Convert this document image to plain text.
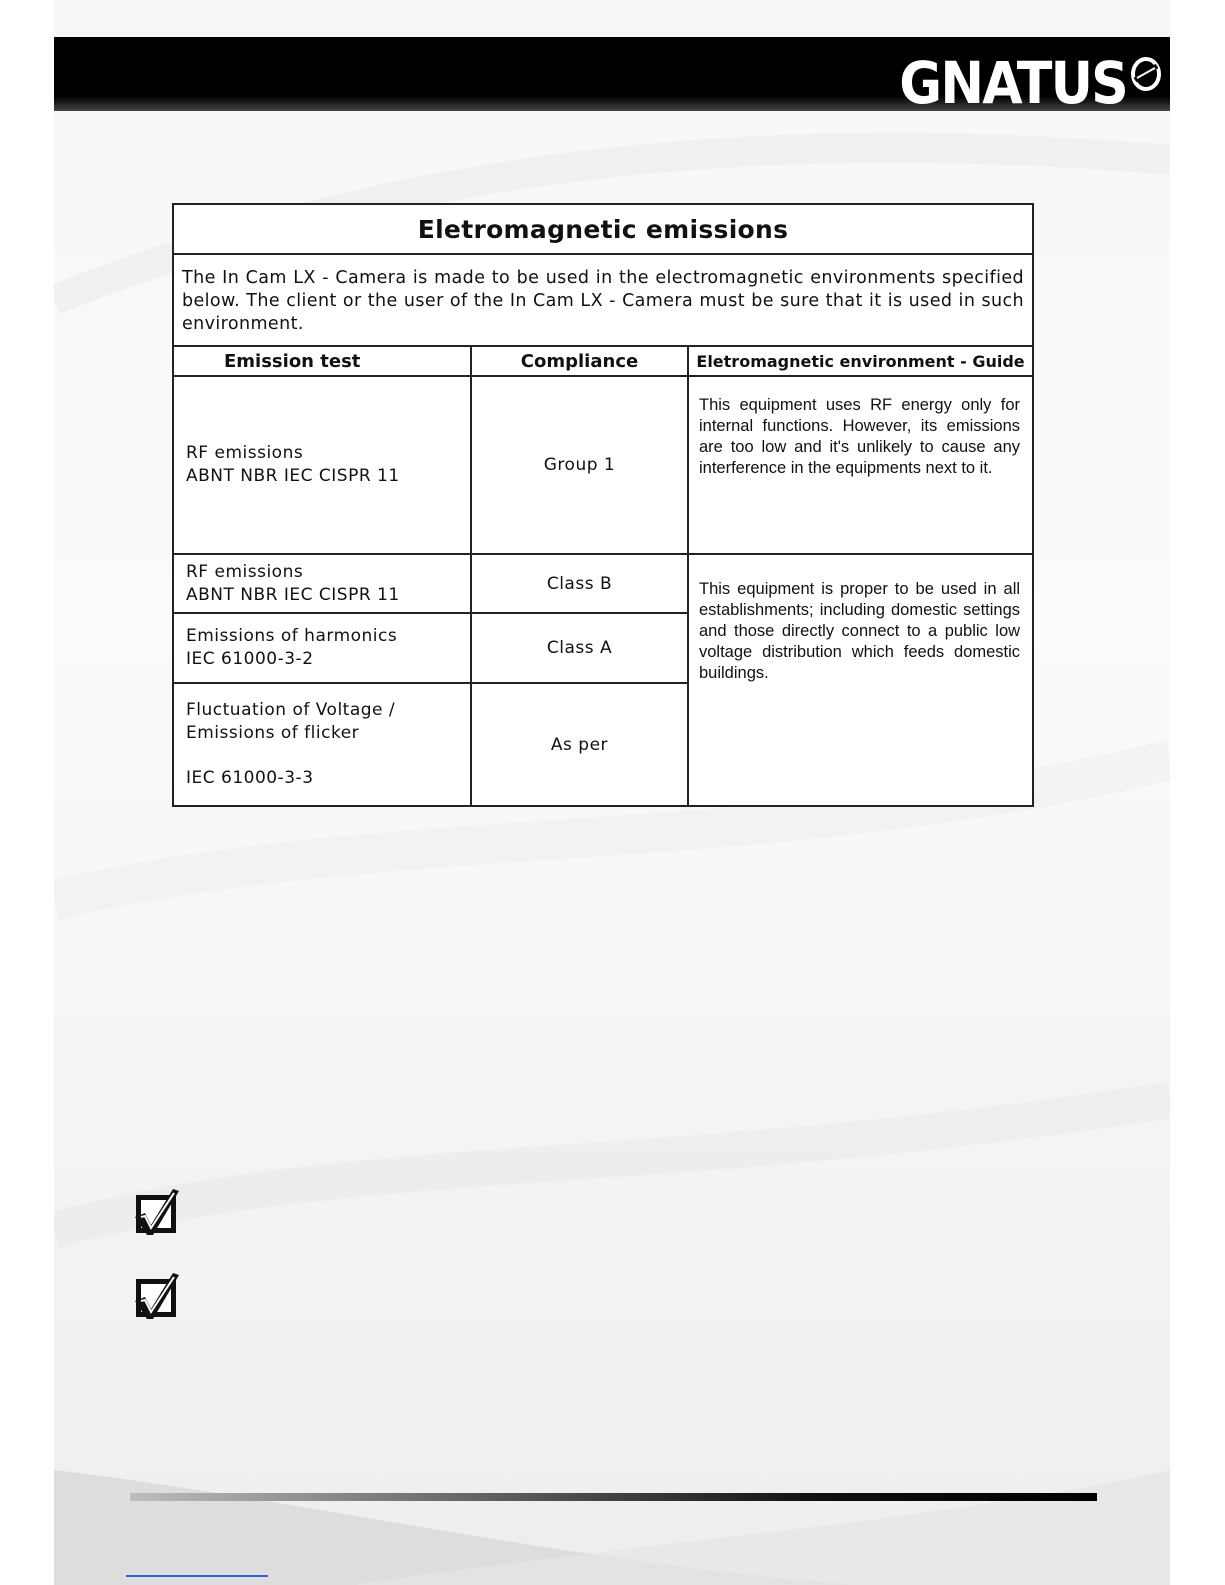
GNATUS
Eletromagnetic emissions		
The In Cam LX - Camera is made to be used in the electromagnetic environments specified below. The client or the user of the In Cam LX - Camera must be sure that it is used in such environment.		
Emission test	Compliance	Eletromagnetic environment - Guide

RF emissions
ABNT NBR IEC CISPR 11	Group 1	This equipment uses RF energy only for internal functions. However, its emissions are too low and it's unlikely to cause any interference in the equipments next to it.

RF emissions
ABNT NBR IEC CISPR 11	Class B	This equipment is proper to be used in all establishments; including domestic settings and those directly connect to a public low voltage distribution which feeds domestic buildings.

Emissions of harmonics
IEC 61000-3-2	Class A	

Fluctuation of Voltage /
Emissions of flicker
IEC 61000-3-3	As per	
